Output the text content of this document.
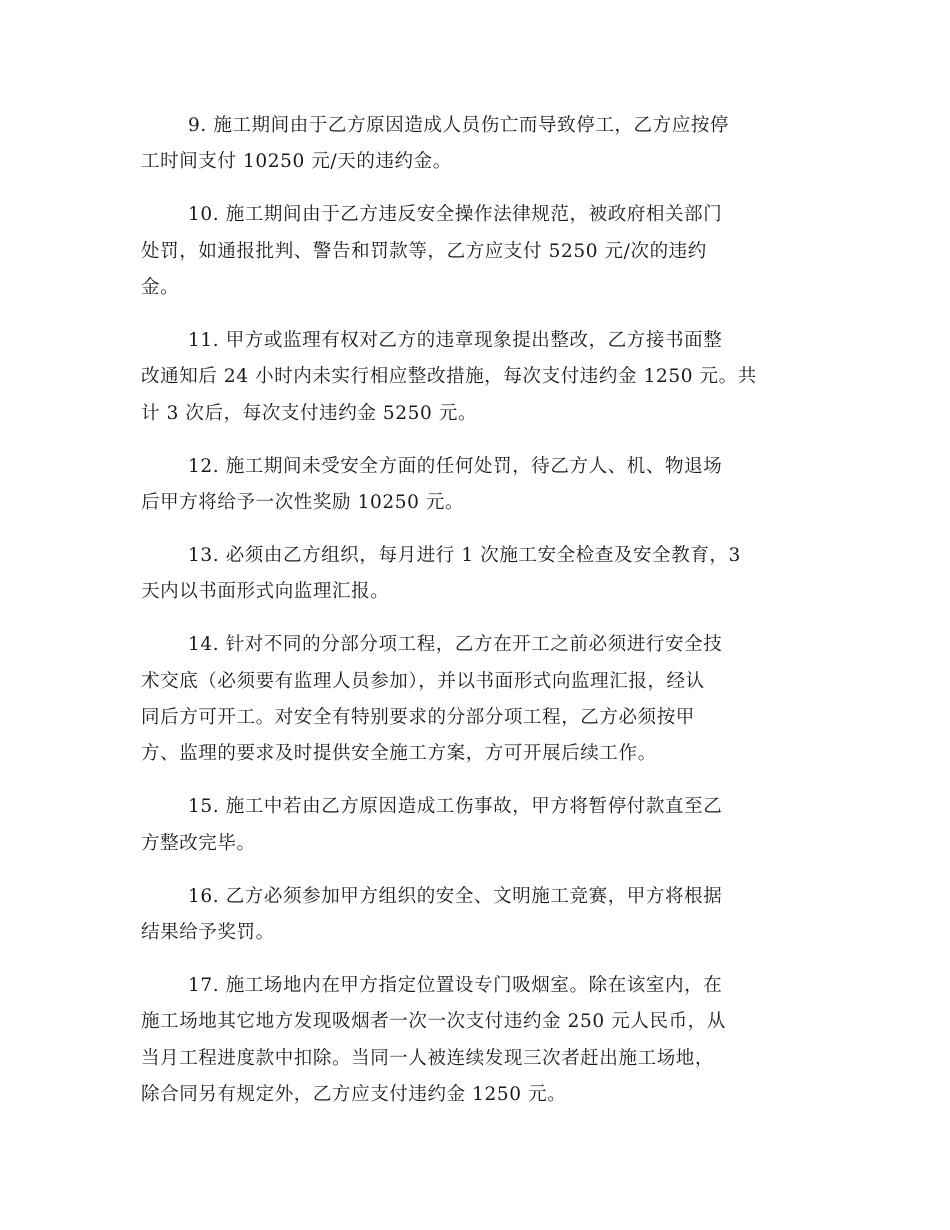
9. 施工期间由于乙方原因造成人员伤亡而导致停工，乙方应按停
工时间支付 10250 元/天的违约金。
10. 施工期间由于乙方违反安全操作法律规范，被政府相关部门
处罚，如通报批判、警告和罚款等，乙方应支付 5250 元/次的违约
金。
11. 甲方或监理有权对乙方的违章现象提出整改，乙方接书面整
改通知后 24 小时内未实行相应整改措施，每次支付违约金 1250 元。共
计 3 次后，每次支付违约金 5250 元。
12. 施工期间未受安全方面的任何处罚，待乙方人、机、物退场
后甲方将给予一次性奖励 10250 元。
13. 必须由乙方组织，每月进行 1 次施工安全检查及安全教育，3
天内以书面形式向监理汇报。
14. 针对不同的分部分项工程，乙方在开工之前必须进行安全技
术交底（必须要有监理人员参加），并以书面形式向监理汇报，经认
同后方可开工。对安全有特别要求的分部分项工程，乙方必须按甲
方、监理的要求及时提供安全施工方案，方可开展后续工作。
15. 施工中若由乙方原因造成工伤事故，甲方将暂停付款直至乙
方整改完毕。
16. 乙方必须参加甲方组织的安全、文明施工竞赛，甲方将根据
结果给予奖罚。
17. 施工场地内在甲方指定位置设专门吸烟室。除在该室内，在
施工场地其它地方发现吸烟者一次一次支付违约金 250 元人民币，从
当月工程进度款中扣除。当同一人被连续发现三次者赶出施工场地，
除合同另有规定外，乙方应支付违约金 1250 元。
